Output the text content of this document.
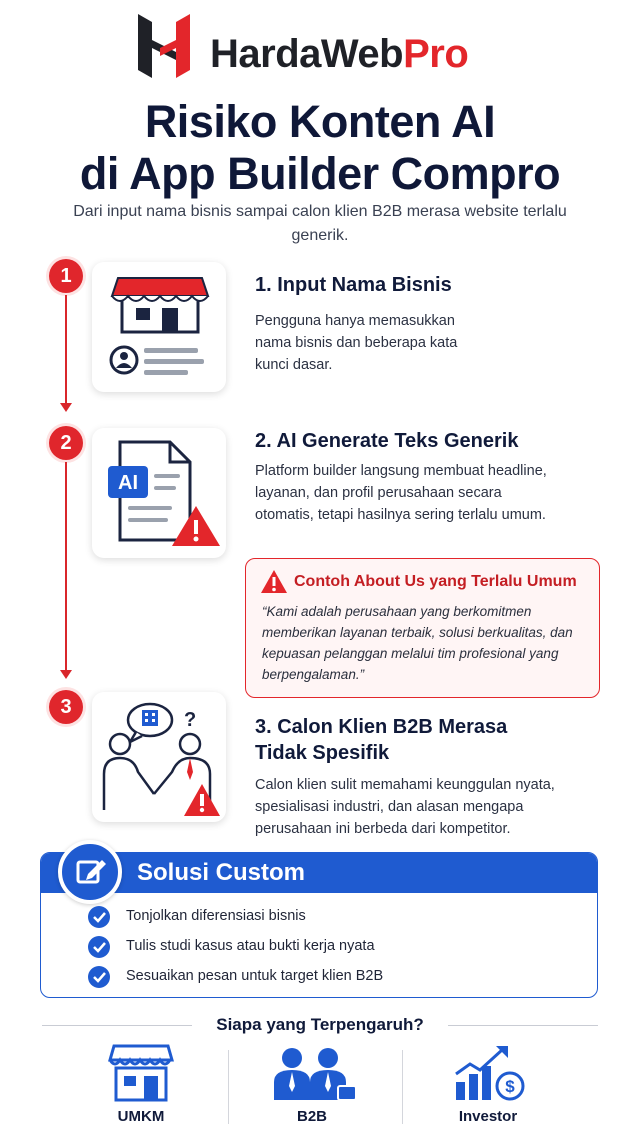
HardaWebPro
Risiko Konten AI
di App Builder Compro
Dari input nama bisnis sampai calon klien B2B merasa website terlalu generik.
1
2
3
1. Input Nama Bisnis
Pengguna hanya memasukkan nama bisnis dan beberapa kata kunci dasar.
AI
2. AI Generate Teks Generik
Platform builder langsung membuat headline, layanan, dan profil perusahaan secara otomatis, tetapi hasilnya sering terlalu umum.
Contoh About Us yang Terlalu Umum
“Kami adalah perusahaan yang berkomitmen memberikan layanan terbaik, solusi berkualitas, dan kepuasan pelanggan melalui tim profesional yang berpengalaman.”
?	3. Calon Klien B2B Merasa
Tidak Spesifik
Calon klien sulit memahami keunggulan nyata, spesialisasi industri, dan alasan mengapa perusahaan ini berbeda dari kompetitor.
Solusi Custom
Tonjolkan diferensiasi bisnis
Tulis studi kasus atau bukti kerja nyata
Sesuaikan pesan untuk target klien B2B
Siapa yang Terpengaruh?
UMKM	B2B
$
Investor
